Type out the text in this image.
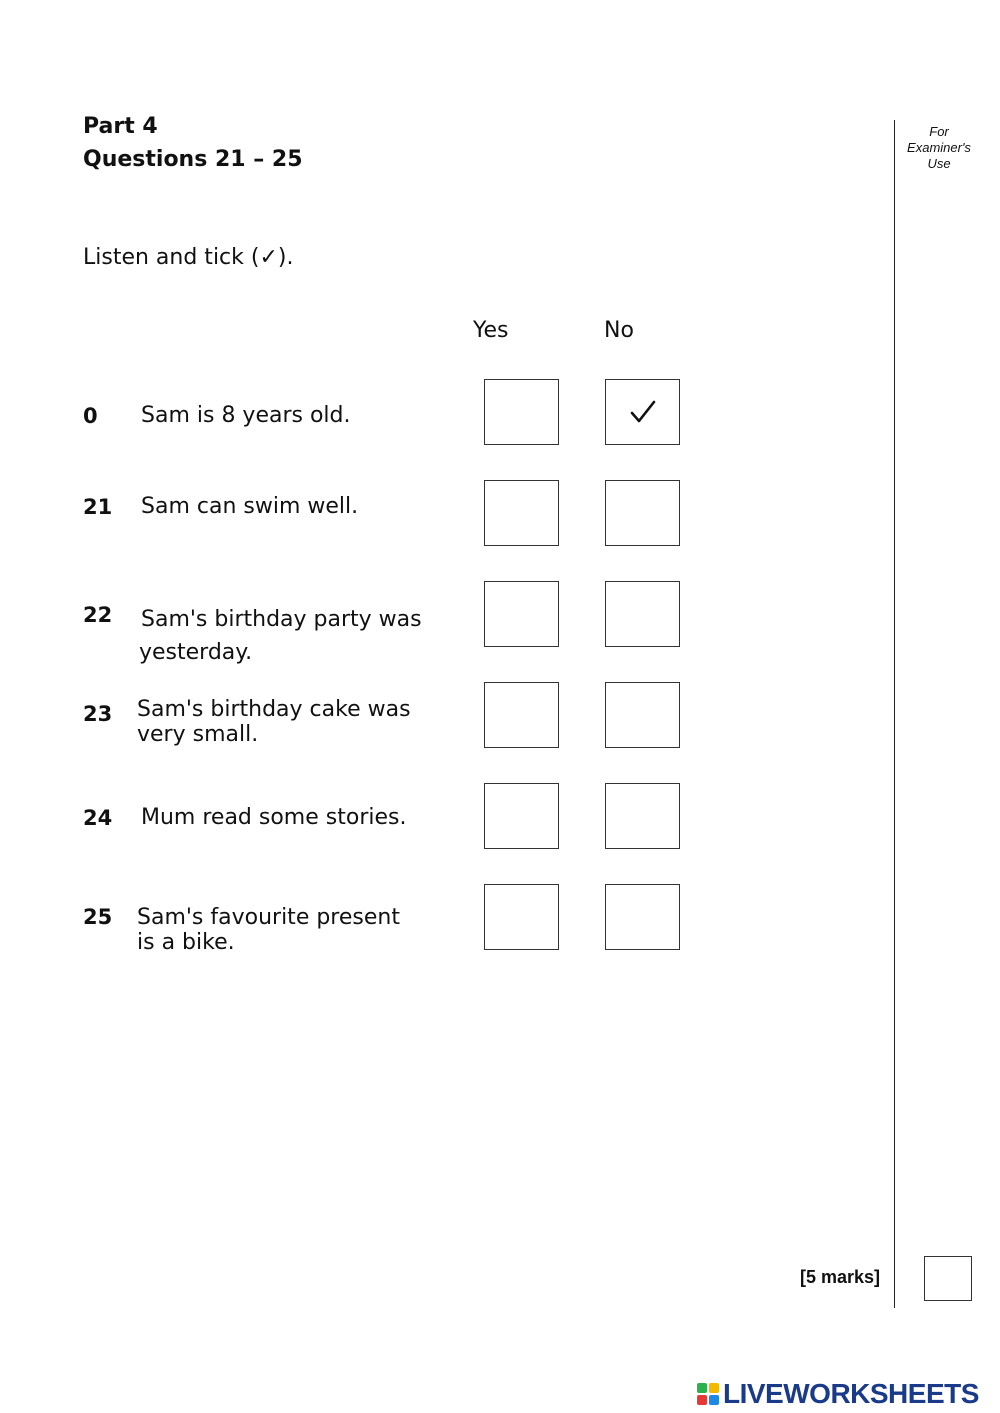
Part 4
Questions 21 – 25
Listen and tick (✓).
Yes	No
0 Sam is 8 years old.
21 Sam can swim well.
22 Sam's birthday party was
yesterday.
23 Sam's birthday cake was
very small.
24 Mum read some stories.
25 Sam's favourite present
is a bike.
For
Examiner's
Use
[5 marks]
LIVEWORKSHEETS
